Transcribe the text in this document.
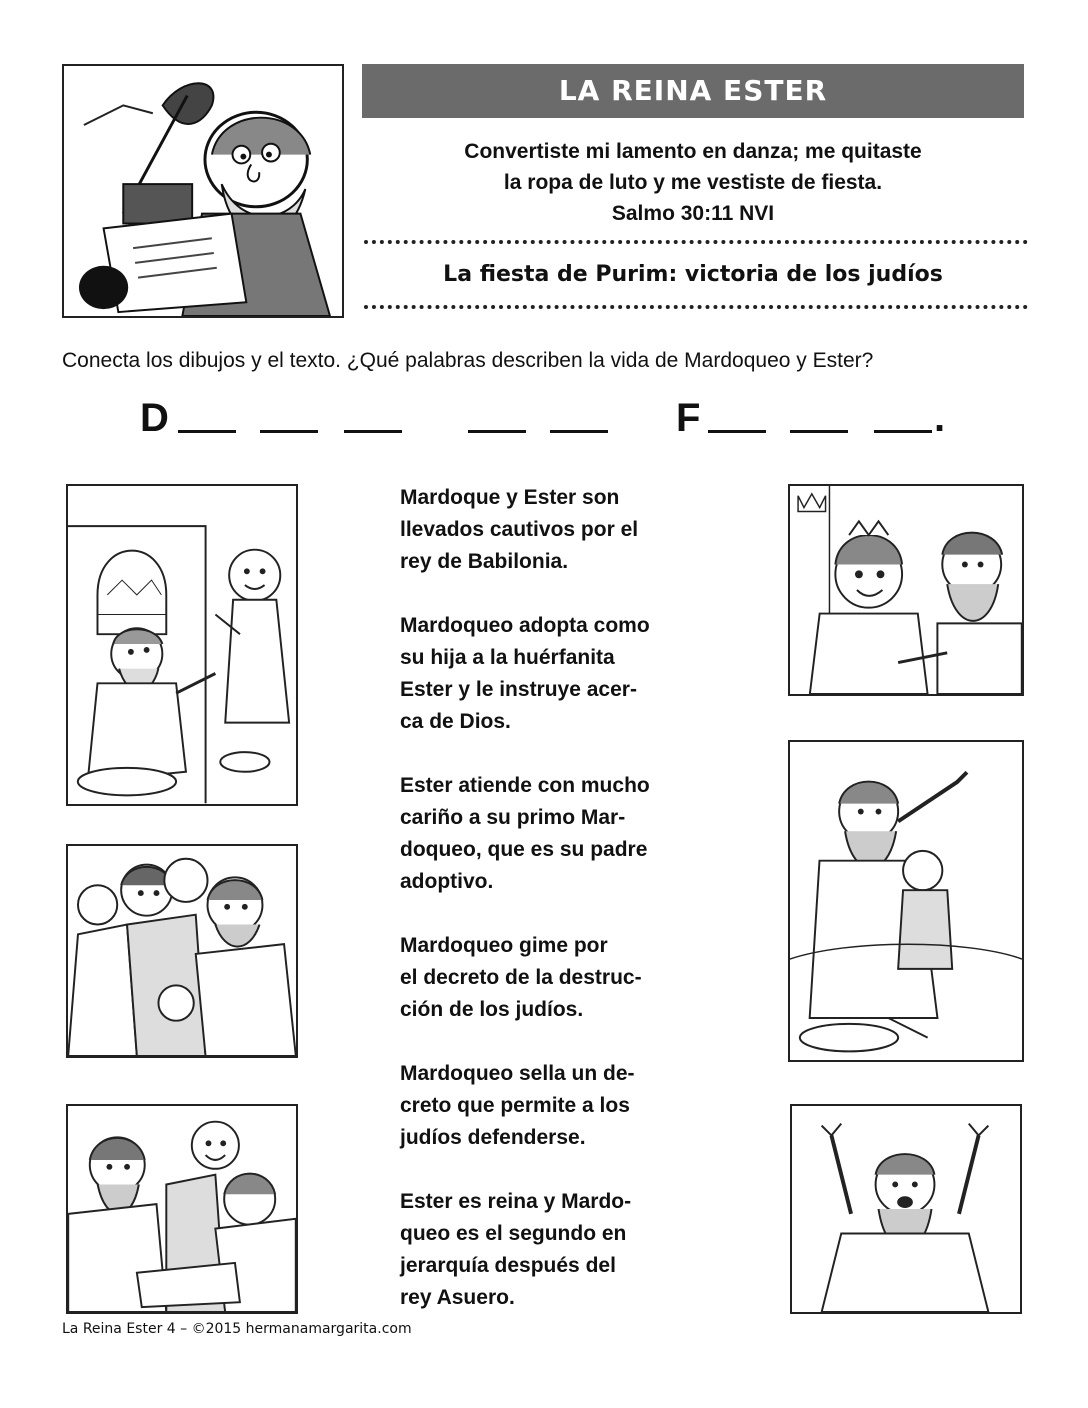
LA REINA ESTER
Convertiste mi lamento en danza; me quitaste
la ropa de luto y me vestiste de fiesta.
Salmo 30:11 NVI
La fiesta de Purim: victoria de los judíos
Conecta los dibujos y el texto. ¿Qué palabras describen la vida de Mardoqueo y Ester?
D	F	.
Mardoque y Ester son
llevados cautivos por el
rey de Babilonia.
Mardoqueo adopta como
su hija a la huérfanita
Ester y le instruye acer-
ca de Dios.
Ester atiende con mucho
cariño a su primo Mar-
doqueo, que es su padre
adoptivo.
Mardoqueo gime por
el decreto de la destruc-
ción de los judíos.
Mardoqueo sella un de-
creto que permite a los
judíos defenderse.
Ester es reina y Mardo-
queo es el segundo en
jerarquía después del
rey Asuero.
La Reina Ester 4 – ©2015 hermanamargarita.com
